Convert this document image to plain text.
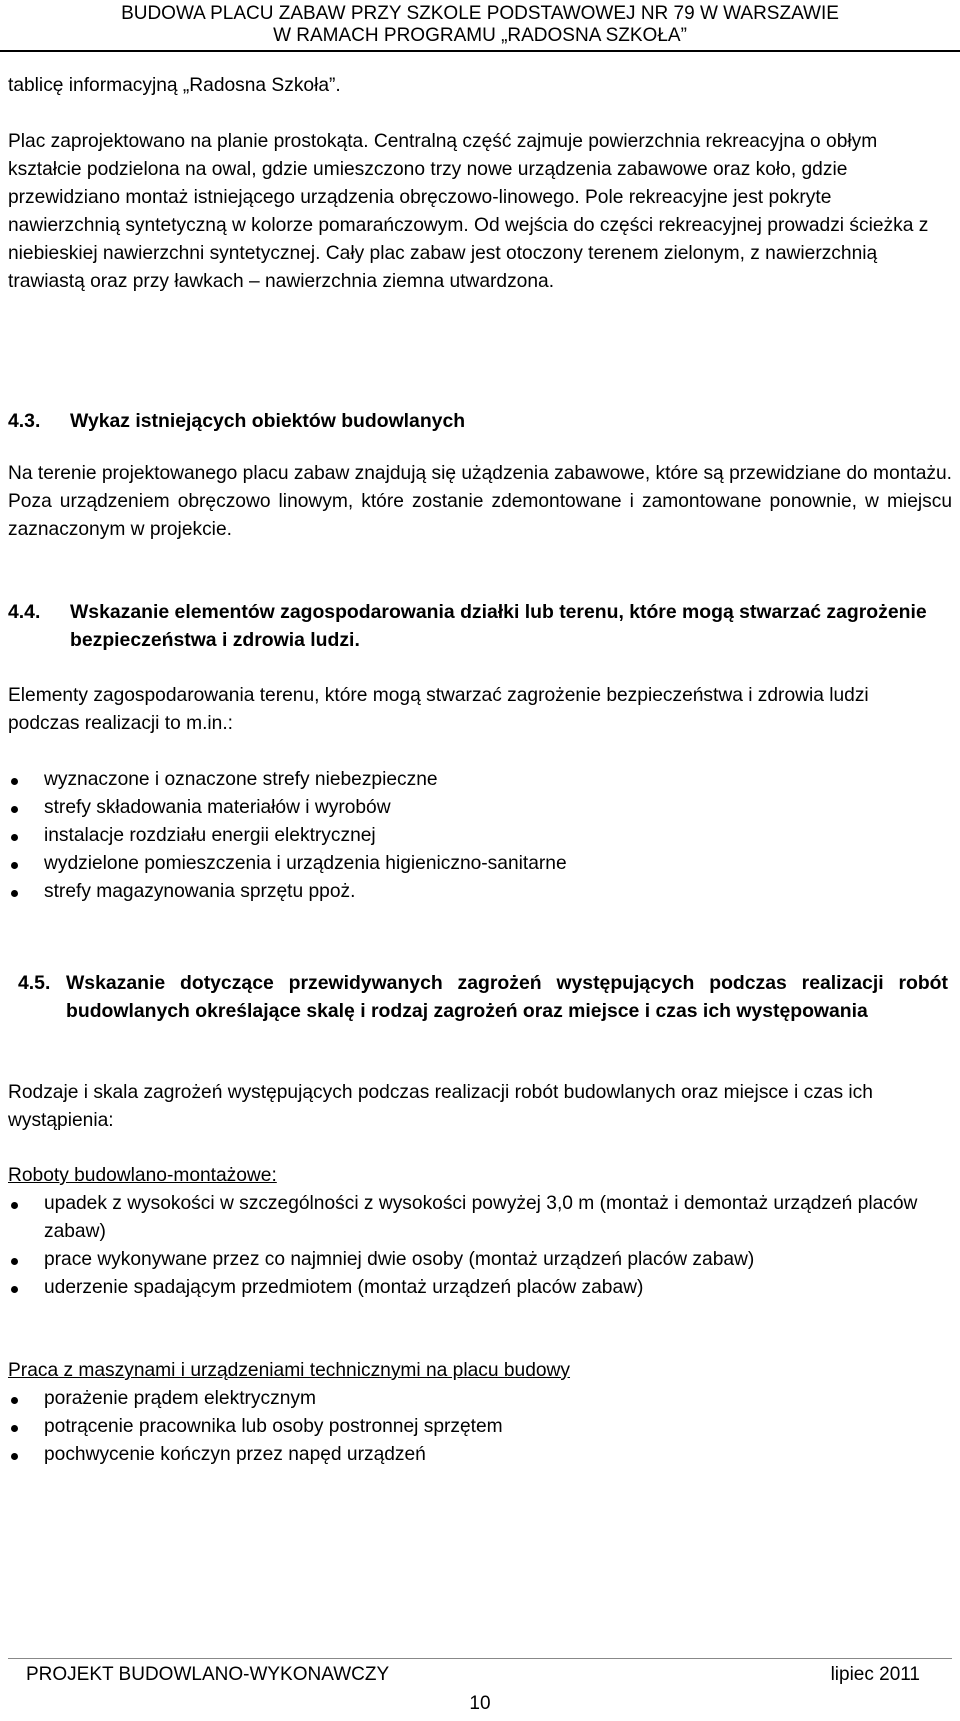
BUDOWA PLACU ZABAW PRZY SZKOLE PODSTAWOWEJ NR 79 W WARSZAWIE
W RAMACH PROGRAMU „RADOSNA SZKOŁA”
tablicę informacyjną „Radosna Szkoła”.
Plac zaprojektowano na planie prostokąta. Centralną część zajmuje powierzchnia rekreacyjna o obłym kształcie podzielona na owal, gdzie umieszczono trzy nowe urządzenia zabawowe oraz koło, gdzie przewidziano montaż istniejącego urządzenia obręczowo-linowego. Pole rekreacyjne jest pokryte nawierzchnią syntetyczną w kolorze pomarańczowym. Od wejścia do części rekreacyjnej prowadzi ścieżka z niebieskiej nawierzchni syntetycznej. Cały plac zabaw jest otoczony terenem zielonym, z nawierzchnią trawiastą oraz przy ławkach – nawierzchnia ziemna utwardzona.
4.3.	Wykaz istniejących obiektów budowlanych
Na terenie projektowanego placu zabaw znajdują się użądzenia zabawowe, które są przewidziane do montażu. Poza urządzeniem obręczowo linowym, które zostanie zdemontowane i zamontowane ponownie, w miejscu zaznaczonym w projekcie.
4.4.	Wskazanie elementów zagospodarowania działki lub terenu, które mogą stwarzać zagrożenie bezpieczeństwa i zdrowia ludzi.
Elementy zagospodarowania terenu, które mogą stwarzać zagrożenie bezpieczeństwa i zdrowia ludzi podczas realizacji to m.in.:
wyznaczone i oznaczone strefy niebezpieczne
strefy składowania materiałów i wyrobów
instalacje rozdziału energii elektrycznej
wydzielone pomieszczenia i urządzenia higieniczno-sanitarne
strefy magazynowania sprzętu ppoż.
4.5. Wskazanie dotyczące przewidywanych zagrożeń występujących podczas realizacji robót budowlanych określające skalę i rodzaj zagrożeń oraz miejsce i czas ich występowania
Rodzaje i skala zagrożeń występujących podczas realizacji robót budowlanych oraz miejsce i czas ich wystąpienia:
Roboty budowlano-montażowe:
upadek z wysokości w szczególności z wysokości powyżej 3,0 m (montaż i demontaż urządzeń placów zabaw)
prace wykonywane przez co najmniej dwie osoby (montaż urządzeń placów zabaw)
uderzenie spadającym przedmiotem (montaż urządzeń placów zabaw)
Praca z maszynami i urządzeniami technicznymi na placu budowy
porażenie prądem elektrycznym
potrącenie pracownika lub osoby postronnej sprzętem
pochwycenie kończyn przez napęd urządzeń
PROJEKT BUDOWLANO-WYKONAWCZY	lipiec 2011
10
